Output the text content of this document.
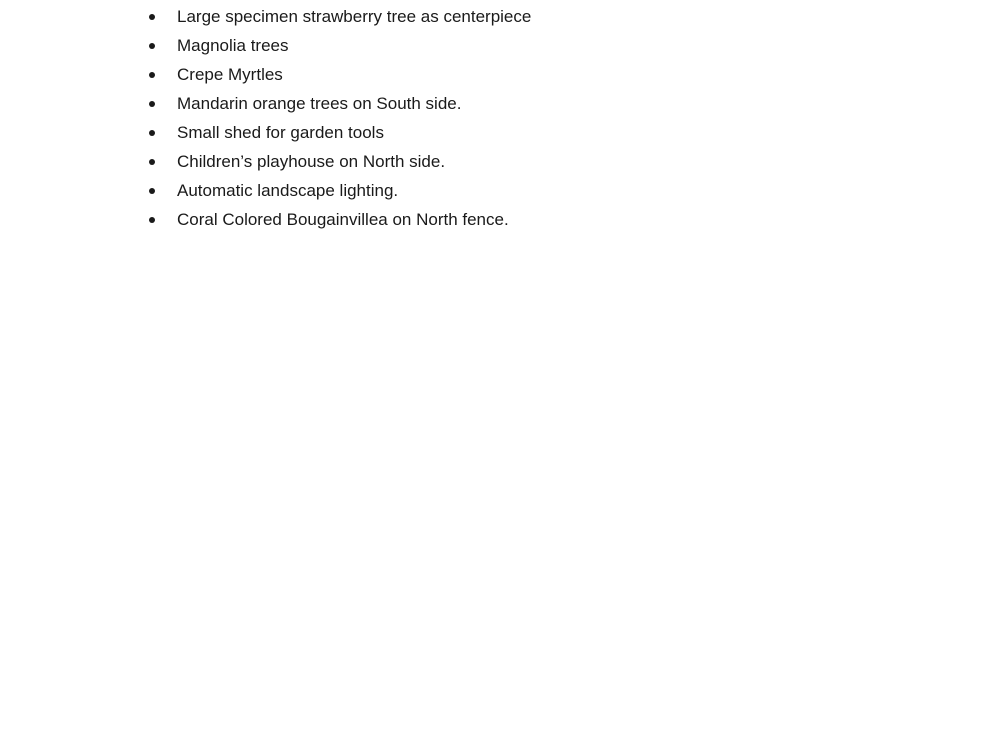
Large specimen strawberry tree as centerpiece
Magnolia trees
Crepe Myrtles
Mandarin orange trees on South side.
Small shed for garden tools
Children’s playhouse on North side.
Automatic landscape lighting.
Coral Colored Bougainvillea on North fence.
